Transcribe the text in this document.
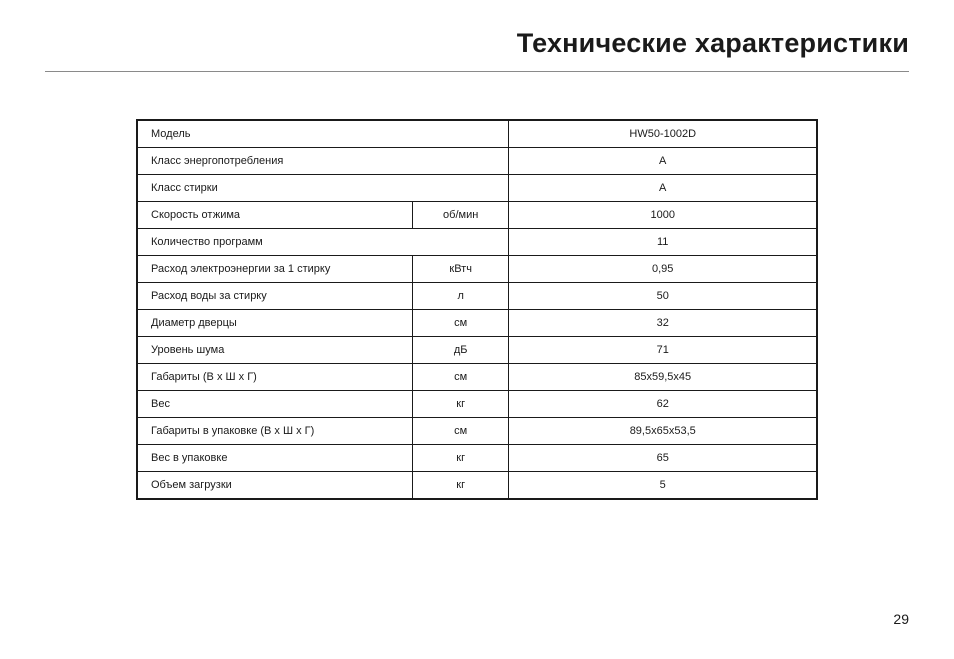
Технические характеристики
Модель		HW50-1002D
Класс энергопотребления		A
Класс стирки		A
Скорость отжима	об/мин	1000
Количество программ		11
Расход электроэнергии за 1 стирку	кВтч	0,95
Расход воды за стирку	л	50
Диаметр дверцы	см	32
Уровень шума	дБ	71
Габариты (В х Ш х Г)	см	85x59,5x45
Вес	кг	62
Габариты в упаковке (В х Ш х Г)	см	89,5x65x53,5
Вес в упаковке	кг	65
Объем загрузки	кг	5
29
